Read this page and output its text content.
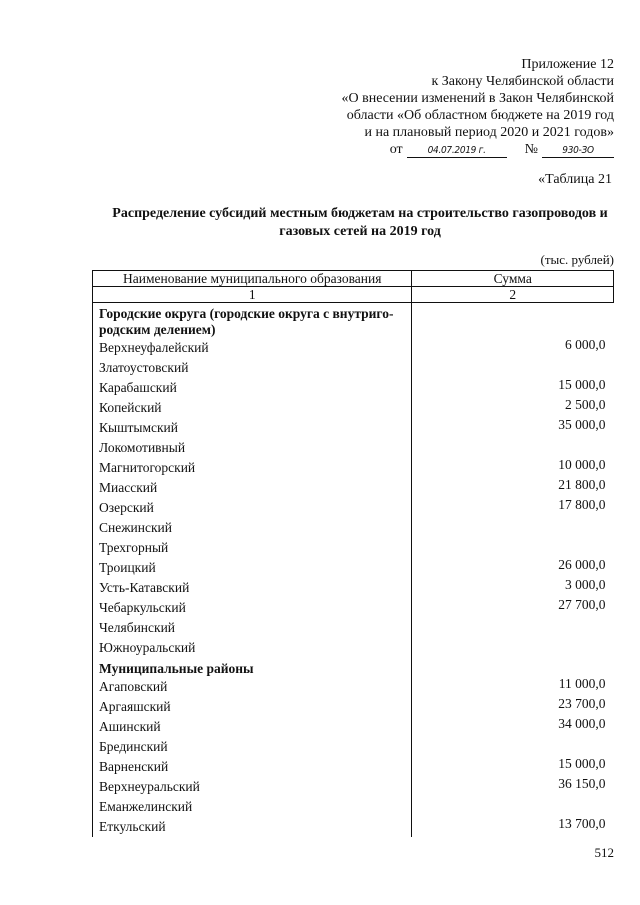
Приложение 12
к Закону Челябинской области
«О внесении изменений в Закон Челябинской
области «Об областном бюджете на 2019 год
и на плановый период 2020 и 2021 годов»
от	04.07.2019 г.	№	930-ЗО
«Таблица 21
Распределение субсидий местным бюджетам на строительство газопроводов и
газовых сетей на 2019 год
(тыс. рублей)
Наименование муниципального образования	Сумма
1	2
Городские округа (городские округа с внутриго-родским делением)	
Верхнеуфалейский	6 000,0
Златоустовский	
Карабашский	15 000,0
Копейский	2 500,0
Кыштымский	35 000,0
Локомотивный	
Магнитогорский	10 000,0
Миасский	21 800,0
Озерский	17 800,0
Снежинский	
Трехгорный	
Троицкий	26 000,0
Усть-Катавский	3 000,0
Чебаркульский	27 700,0
Челябинский	
Южноуральский	
Муниципальные районы	
Агаповский	11 000,0
Аргаяшский	23 700,0
Ашинский	34 000,0
Брединский	
Варненский	15 000,0
Верхнеуральский	36 150,0
Еманжелинский	
Еткульский	13 700,0
512
